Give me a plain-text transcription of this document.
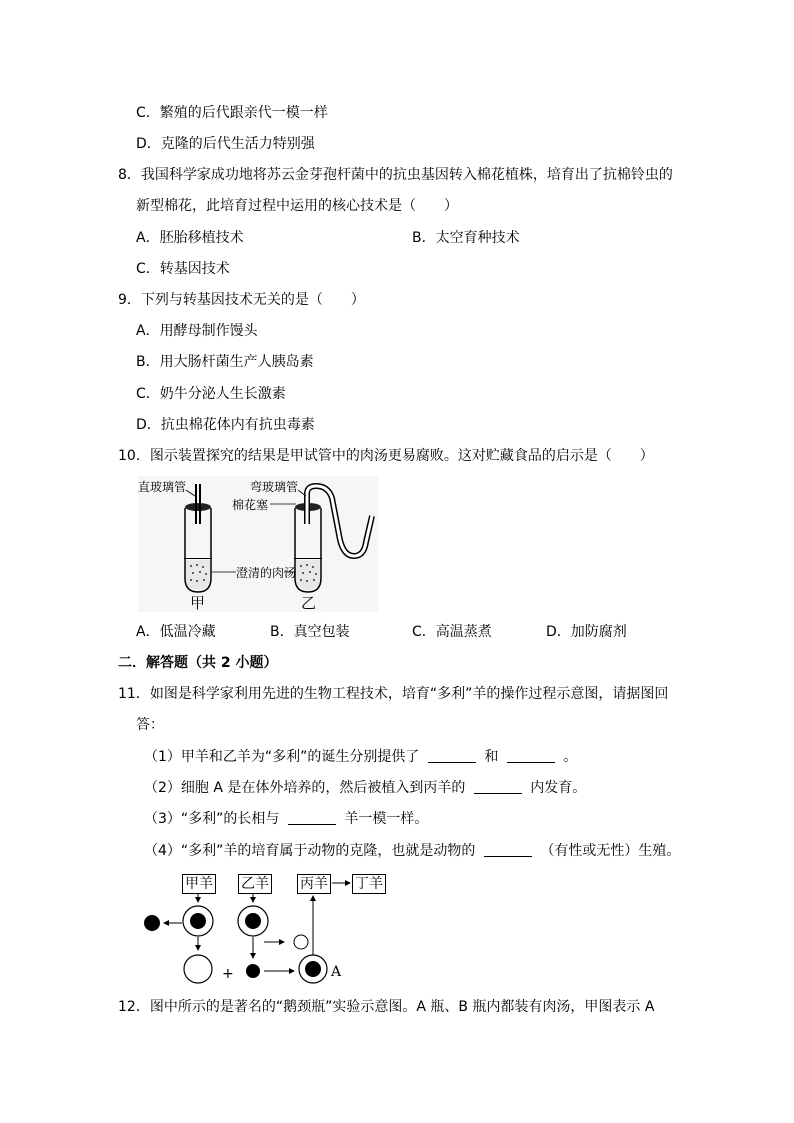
C．繁殖的后代跟亲代一模一样
D．克隆的后代生活力特别强
8．我国科学家成功地将苏云金芽孢杆菌中的抗虫基因转入棉花植株，培育出了抗棉铃虫的
新型棉花，此培育过程中运用的核心技术是（　　）
A．胚胎移植技术	B．太空育种技术
C．转基因技术
9．下列与转基因技术无关的是（　　）
A．用酵母制作馒头
B．用大肠杆菌生产人胰岛素
C．奶牛分泌人生长激素
D．抗虫棉花体内有抗虫毒素
10．图示装置探究的结果是甲试管中的肉汤更易腐败。这对贮藏食品的启示是（　　）
直玻璃管	弯玻璃管
棉花塞
澄清的肉汤
甲	乙
A．低温冷藏	B．真空包装	C．高温蒸煮	D．加防腐剂
二．解答题（共 2 小题）
11．如图是科学家利用先进的生物工程技术，培育“多利”羊的操作过程示意图，请据图回
答：
（1）甲羊和乙羊为“多利”的诞生分别提供了	和	。
（2）细胞 A 是在体外培养的，然后被植入到丙羊的	内发育。
（3）“多利”的长相与	羊一模一样。
（4）“多利”羊的培育属于动物的克隆，也就是动物的	（有性或无性）生殖。
甲羊 乙羊 丙羊 丁羊
+	A
12．图中所示的是著名的“鹅颈瓶”实验示意图。A 瓶、B 瓶内都装有肉汤，甲图表示 A
